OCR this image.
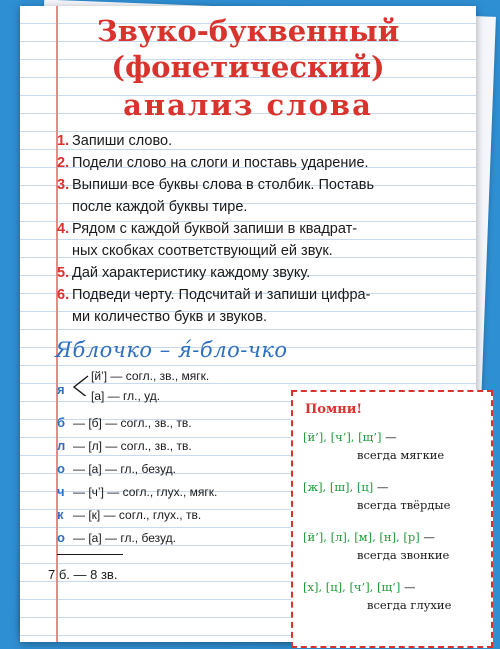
Звуко-буквенный
(фонетический)
анализ слова
1. Запиши слово.
2. Подели слово на слоги и поставь ударение.
3. Выпиши все буквы слова в столбик. Поставь
после каждой буквы тире.
4. Рядом с каждой буквой запиши в квадрат-
ных скобках соответствующий ей звук.
5. Дай характеристику каждому звуку.
6. Подведи черту. Подсчитай и запиши цифра-
ми количество букв и звуков.
Яблочко – я́-бло-чко
я
[й’] — согл., зв., мягк.
[а] — гл., уд.
б — [б] — согл., зв., тв.
л — [л] — согл., зв., тв.
о — [а] — гл., безуд.
ч — [ч’] — согл., глух., мягк.
к — [к] — согл., глух., тв.
о — [а] — гл., безуд.
7 б. — 8 зв.
Помни!
[й’], [ч’], [щ’] —
всегда мягкие
[ж], [ш], [ц] —
всегда твёрдые
[й’], [л], [м], [н], [р] —
всегда звонкие
[х], [ц], [ч’], [щ’] —
всегда глухие
